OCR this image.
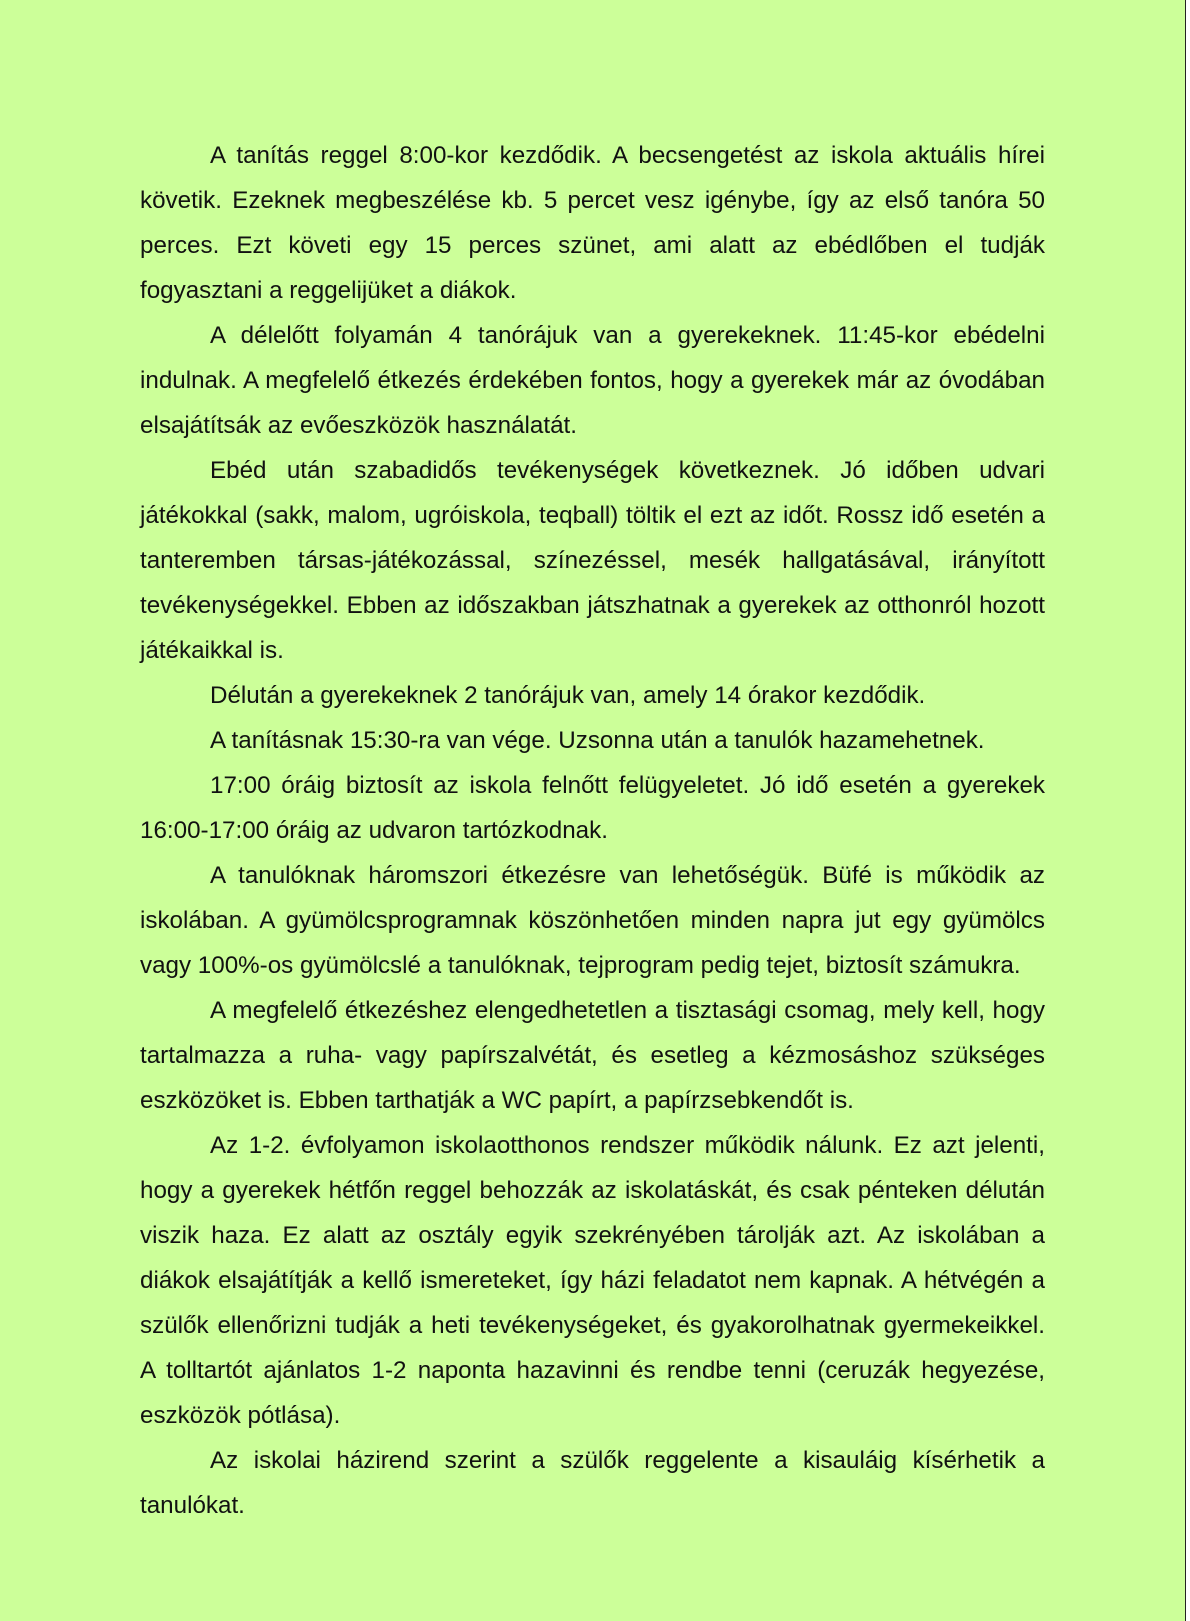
A tanítás reggel 8:00-kor kezdődik. A becsengetést az iskola aktuális hírei követik. Ezeknek megbeszélése kb. 5 percet vesz igénybe, így az első tanóra 50 perces. Ezt követi egy 15 perces szünet, ami alatt az ebédlőben el tudják fogyasztani a reggelijüket a diákok.

A délelőtt folyamán 4 tanórájuk van a gyerekeknek. 11:45-kor ebédelni indulnak. A megfelelő étkezés érdekében fontos, hogy a gyerekek már az óvodában elsajátítsák az evőeszközök használatát.

Ebéd után szabadidős tevékenységek következnek. Jó időben udvari játékokkal (sakk, malom, ugróiskola, teqball) töltik el ezt az időt. Rossz idő esetén a tanteremben társas-játékozással, színezéssel, mesék hallgatásával, irányított tevékenységekkel. Ebben az időszakban játszhatnak a gyerekek az otthonról hozott játékaikkal is.

Délután a gyerekeknek 2 tanórájuk van, amely 14 órakor kezdődik.

A tanításnak 15:30-ra van vége. Uzsonna után a tanulók hazamehetnek.

17:00 óráig biztosít az iskola felnőtt felügyeletet. Jó idő esetén a gyerekek 16:00-17:00 óráig az udvaron tartózkodnak.

A tanulóknak háromszori étkezésre van lehetőségük. Büfé is működik az iskolában. A gyümölcsprogramnak köszönhetően minden napra jut egy gyümölcs vagy 100%-os gyümölcslé a tanulóknak, tejprogram pedig tejet, biztosít számukra.

A megfelelő étkezéshez elengedhetetlen a tisztasági csomag, mely kell, hogy tartalmazza a ruha- vagy papírszalvétát, és esetleg a kézmosáshoz szükséges eszközöket is. Ebben tarthatják a WC papírt, a papírzsebkendőt is.

Az 1-2. évfolyamon iskolaotthonos rendszer működik nálunk. Ez azt jelenti, hogy a gyerekek hétfőn reggel behozzák az iskolatáskát, és csak pénteken délután viszik haza. Ez alatt az osztály egyik szekrényében tárolják azt. Az iskolában a diákok elsajátítják a kellő ismereteket, így házi feladatot nem kapnak. A hétvégén a szülők ellenőrizni tudják a heti tevékenységeket, és gyakorolhatnak gyermekeikkel. A tolltartót ajánlatos 1-2 naponta hazavinni és rendbe tenni (ceruzák hegyezése, eszközök pótlása).

Az iskolai házirend szerint a szülők reggelente a kisauláig kísérhetik a tanulókat.
